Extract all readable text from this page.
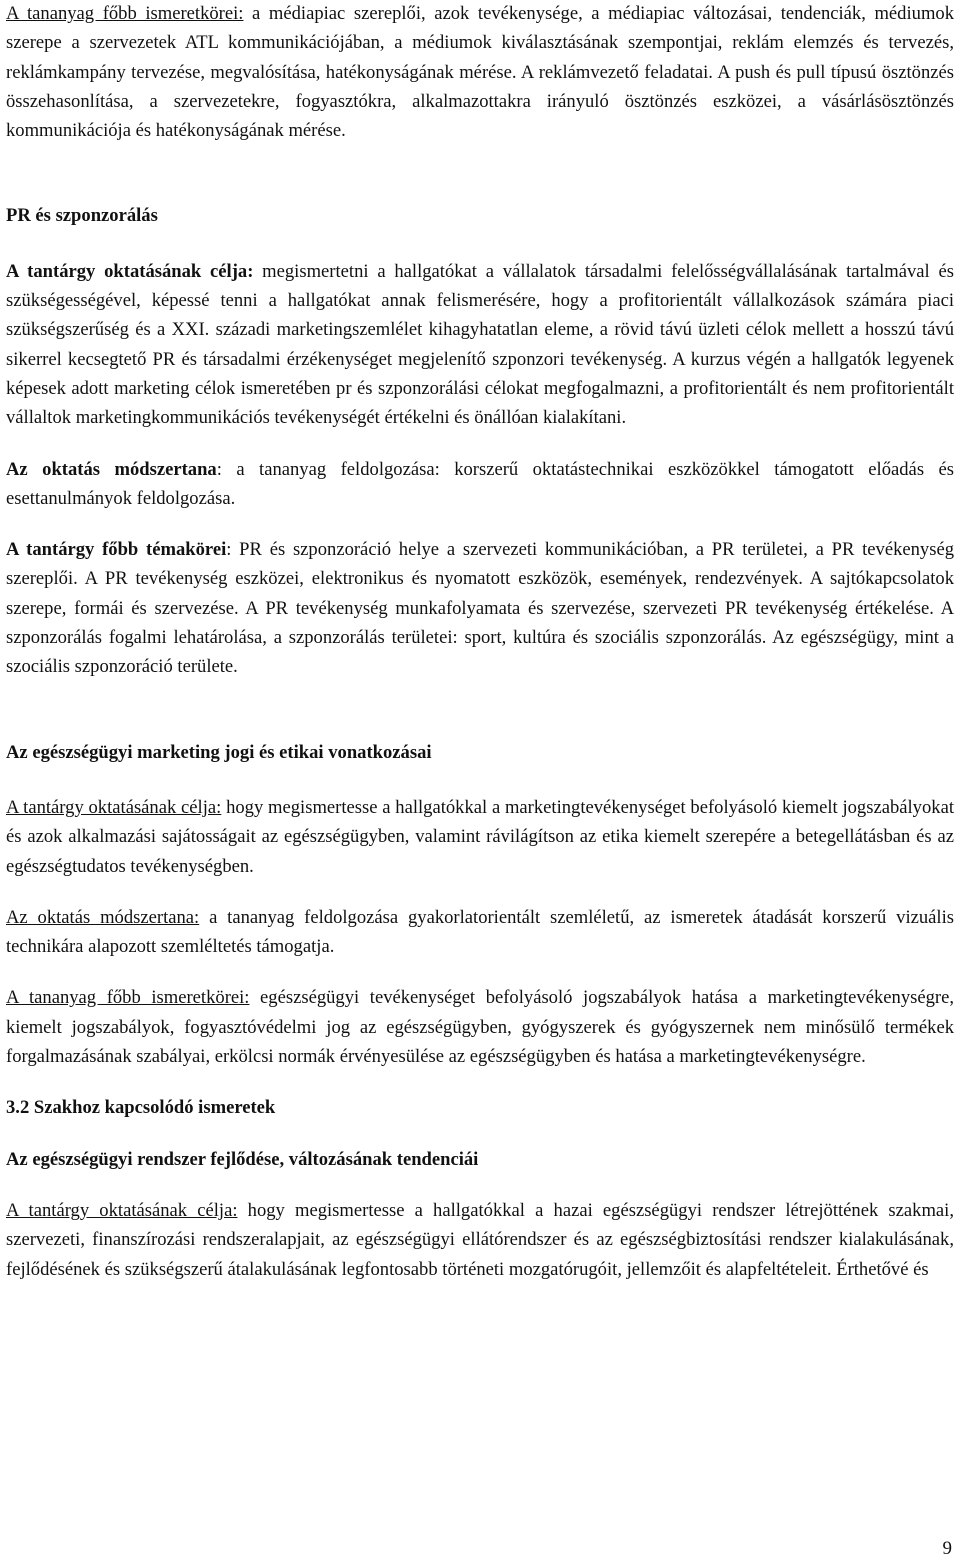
A tananyag főbb ismeretkörei: a médiapiac szereplői, azok tevékenysége, a médiapiac változásai, tendenciák, médiumok szerepe a szervezetek ATL kommunikációjában, a médiumok kiválasztásának szempontjai, reklám elemzés és tervezés, reklámkampány tervezése, megvalósítása, hatékonyságának mérése. A reklámvezető feladatai. A push és pull típusú ösztönzés összehasonlítása, a szervezetekre, fogyasztókra, alkalmazottakra irányuló ösztönzés eszközei, a vásárlásösztönzés kommunikációja és hatékonyságának mérése.

PR és szponzorálás

A tantárgy oktatásának célja: megismertetni a hallgatókat a vállalatok társadalmi felelősségvállalásának tartalmával és szükségességével, képessé tenni a hallgatókat annak felismerésére, hogy a profitorientált vállalkozások számára piaci szükségszerűség és a XXI. századi marketingszemlélet kihagyhatatlan eleme, a rövid távú üzleti célok mellett a hosszú távú sikerrel kecsegtető PR és társadalmi érzékenységet megjelenítő szponzori tevékenység. A kurzus végén a hallgatók legyenek képesek adott marketing célok ismeretében pr és szponzorálási célokat megfogalmazni, a profitorientált és nem profitorientált vállaltok marketingkommunikációs tevékenységét értékelni és önállóan kialakítani.

Az oktatás módszertana: a tananyag feldolgozása: korszerű oktatástechnikai eszközökkel támogatott előadás és esettanulmányok feldolgozása.

A tantárgy főbb témakörei: PR és szponzoráció helye a szervezeti kommunikációban, a PR területei, a PR tevékenység szereplői. A PR tevékenység eszközei, elektronikus és nyomatott eszközök, események, rendezvények. A sajtókapcsolatok szerepe, formái és szervezése. A PR tevékenység munkafolyamata és szervezése, szervezeti PR tevékenység értékelése. A szponzorálás fogalmi lehatárolása, a szponzorálás területei: sport, kultúra és szociális szponzorálás. Az egészségügy, mint a szociális szponzoráció területe.

Az egészségügyi marketing jogi és etikai vonatkozásai

A tantárgy oktatásának célja: hogy megismertesse a hallgatókkal a marketingtevékenységet befolyásoló kiemelt jogszabályokat és azok alkalmazási sajátosságait az egészségügyben, valamint rávilágítson az etika kiemelt szerepére a betegellátásban és az egészségtudatos tevékenységben.

Az oktatás módszertana: a tananyag feldolgozása gyakorlatorientált szemléletű, az ismeretek átadását korszerű vizuális technikára alapozott szemléltetés támogatja.

A tananyag főbb ismeretkörei: egészségügyi tevékenységet befolyásoló jogszabályok hatása a marketingtevékenységre, kiemelt jogszabályok, fogyasztóvédelmi jog az egészségügyben, gyógyszerek és gyógyszernek nem minősülő termékek forgalmazásának szabályai, erkölcsi normák érvényesülése az egészségügyben és hatása a marketingtevékenységre.

3.2 Szakhoz kapcsolódó ismeretek

Az egészségügyi rendszer fejlődése, változásának tendenciái

A tantárgy oktatásának célja: hogy megismertesse a hallgatókkal a hazai egészségügyi rendszer létrejöttének szakmai, szervezeti, finanszírozási rendszeralapjait, az egészségügyi ellátórendszer és az egészségbiztosítási rendszer kialakulásának, fejlődésének és szükségszerű átalakulásának legfontosabb történeti mozgatórugóit, jellemzőit és alapfeltételeit. Érthetővé és

9
